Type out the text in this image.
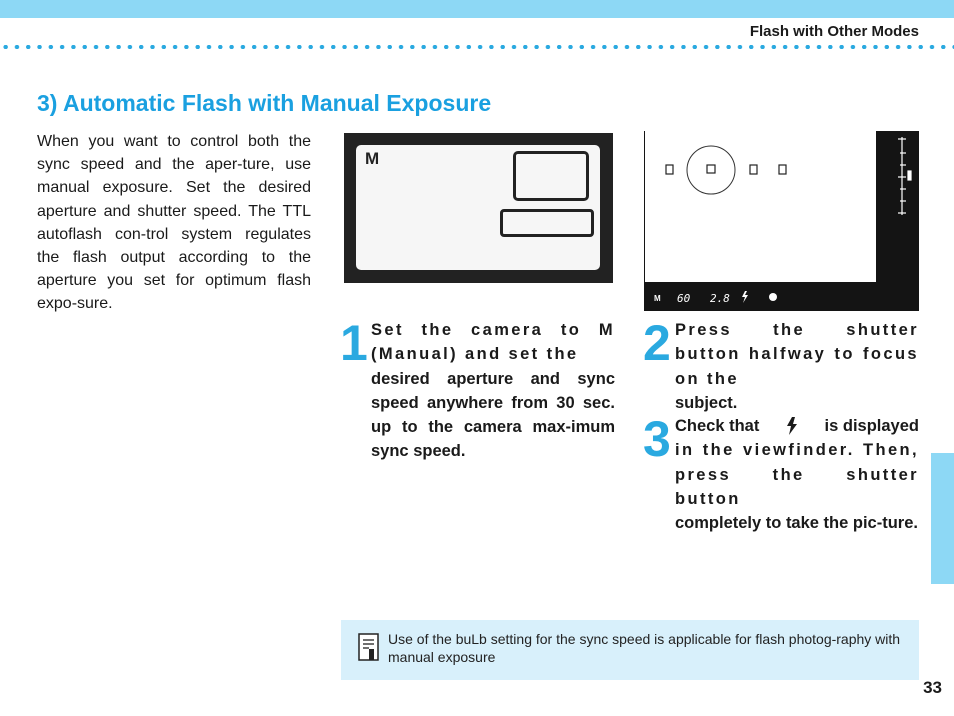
Flash with Other Modes
3) Automatic Flash with Manual Exposure
When you want to control both the sync speed and the aper-ture, use manual exposure. Set the desired aperture and shutter speed. The TTL autoflash con-trol system regulates the flash output according to the aperture you set for optimum flash expo-sure.
M
M 60 2.8
1 Set the camera to M (Manual) and set the
desired aperture and sync speed anywhere from 30 sec. up to the camera max-imum sync speed.
2 Press the shutter button halfway to focus on the
subject.
3 Check that	is displayed
in the viewfinder. Then, press the shutter button
completely to take the pic-ture.
Use of the buLb setting for the sync speed is applicable for flash photog-raphy with manual exposure
33
